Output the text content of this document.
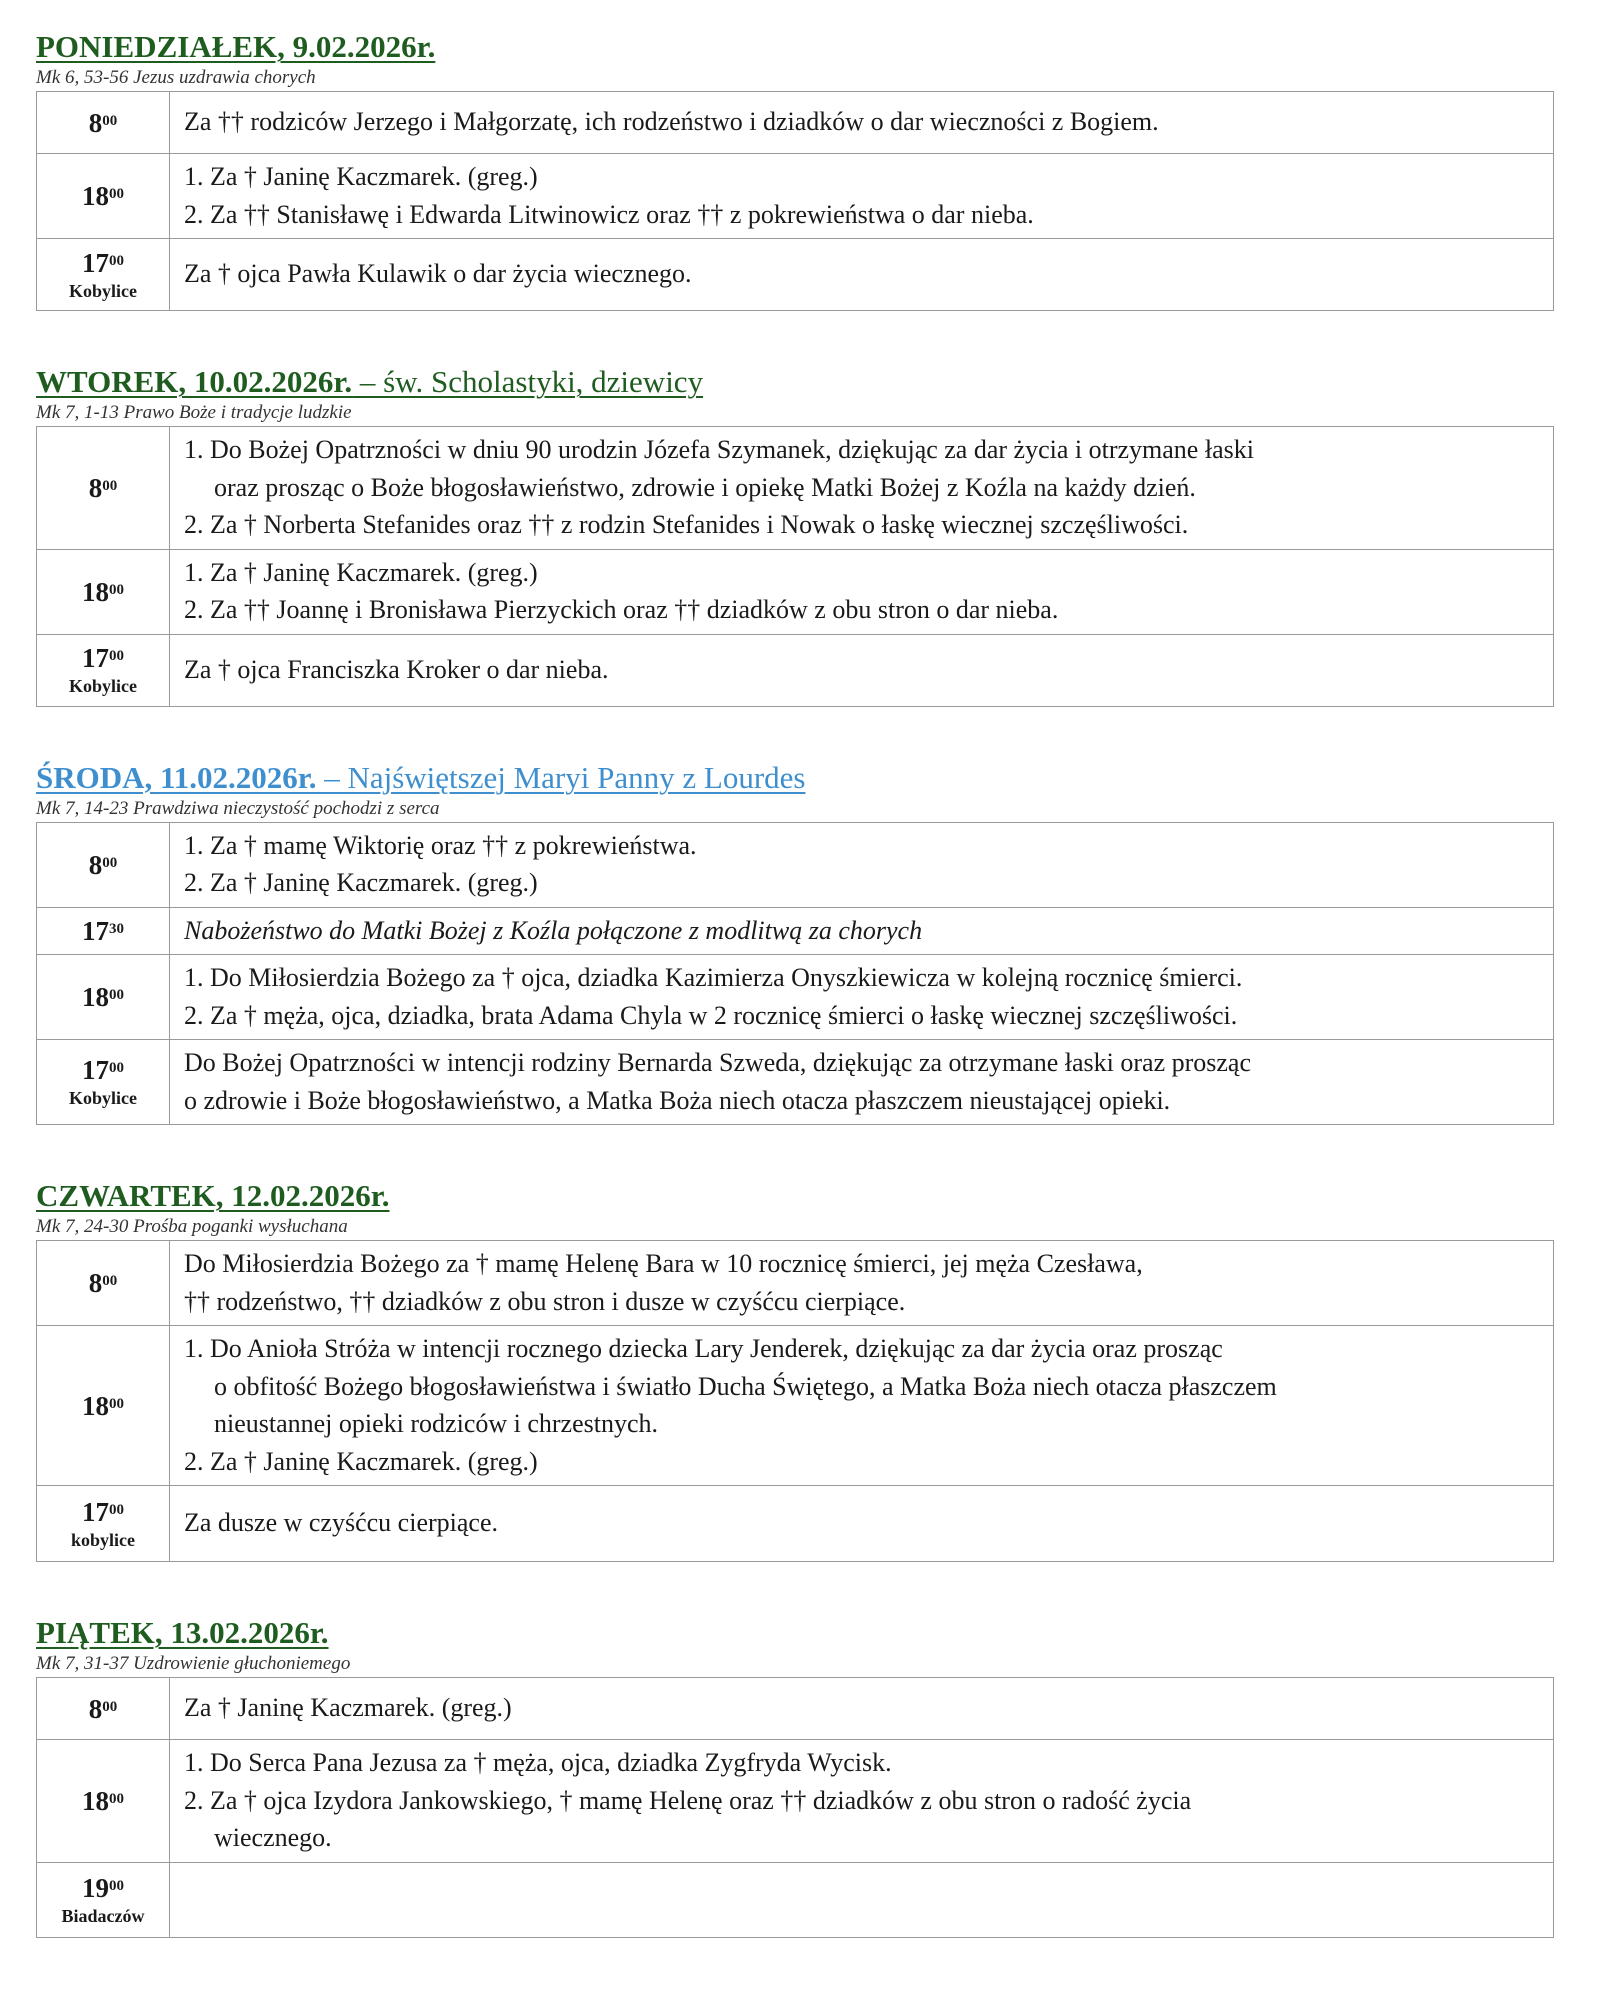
PONIEDZIAŁEK, 9.02.2026r.
Mk 6, 53-56 Jezus uzdrawia chorych
$8^{00}$	Za †† rodziców Jerzego i Małgorzatę, ich rodzeństwo i dziadków o dar wieczności z Bogiem.

$18^{00}$	1. Za † Janinę Kaczmarek. (greg.)
2. Za †† Stanisławę i Edwarda Litwinowicz oraz †† z pokrewieństwa o dar nieba.

$17^{00}$
Kobylice	Za † ojca Pawła Kulawik o dar życia wiecznego.
WTOREK, 10.02.2026r. – św. Scholastyki, dziewicy
Mk 7, 1-13 Prawo Boże i tradycje ludzkie
$8^{00}$	1. Do Bożej Opatrzności w dniu 90 urodzin Józefa Szymanek, dziękując za dar życia i otrzymane łaski
oraz prosząc o Boże błogosławieństwo, zdrowie i opiekę Matki Bożej z Koźla na każdy dzień.
2. Za † Norberta Stefanides oraz †† z rodzin Stefanides i Nowak o łaskę wiecznej szczęśliwości.

$18^{00}$	1. Za † Janinę Kaczmarek. (greg.)
2. Za †† Joannę i Bronisława Pierzyckich oraz †† dziadków z obu stron o dar nieba.

$17^{00}$
Kobylice	Za † ojca Franciszka Kroker o dar nieba.
ŚRODA, 11.02.2026r. – Najświętszej Maryi Panny z Lourdes
Mk 7, 14-23 Prawdziwa nieczystość pochodzi z serca
$8^{00}$	1. Za † mamę Wiktorię oraz †† z pokrewieństwa.
2. Za † Janinę Kaczmarek. (greg.)

$17^{30}$	Nabożeństwo do Matki Bożej z Koźla połączone z modlitwą za chorych

$18^{00}$	1. Do Miłosierdzia Bożego za † ojca, dziadka Kazimierza Onyszkiewicza w kolejną rocznicę śmierci.
2. Za † męża, ojca, dziadka, brata Adama Chyla w 2 rocznicę śmierci o łaskę wiecznej szczęśliwości.

$17^{00}$
Kobylice	Do Bożej Opatrzności w intencji rodziny Bernarda Szweda, dziękując za otrzymane łaski oraz prosząc
o zdrowie i Boże błogosławieństwo, a Matka Boża niech otacza płaszczem nieustającej opieki.
CZWARTEK, 12.02.2026r.
Mk 7, 24-30 Prośba poganki wysłuchana
$8^{00}$	Do Miłosierdzia Bożego za † mamę Helenę Bara w 10 rocznicę śmierci, jej męża Czesława,
†† rodzeństwo, †† dziadków z obu stron i dusze w czyśćcu cierpiące.

$18^{00}$	1. Do Anioła Stróża w intencji rocznego dziecka Lary Jenderek, dziękując za dar życia oraz prosząc
o obfitość Bożego błogosławieństwa i światło Ducha Świętego, a Matka Boża niech otacza płaszczem
nieustannej opieki rodziców i chrzestnych.
2. Za † Janinę Kaczmarek. (greg.)

$17^{00}$
kobylice	Za dusze w czyśćcu cierpiące.
PIĄTEK, 13.02.2026r.
Mk 7, 31-37 Uzdrowienie głuchoniemego
$8^{00}$	Za † Janinę Kaczmarek. (greg.)

$18^{00}$	1. Do Serca Pana Jezusa za † męża, ojca, dziadka Zygfryda Wycisk.
2. Za † ojca Izydora Jankowskiego, † mamę Helenę oraz †† dziadków z obu stron o radość życia
wiecznego.

$19^{00}$
Biadaczów	
